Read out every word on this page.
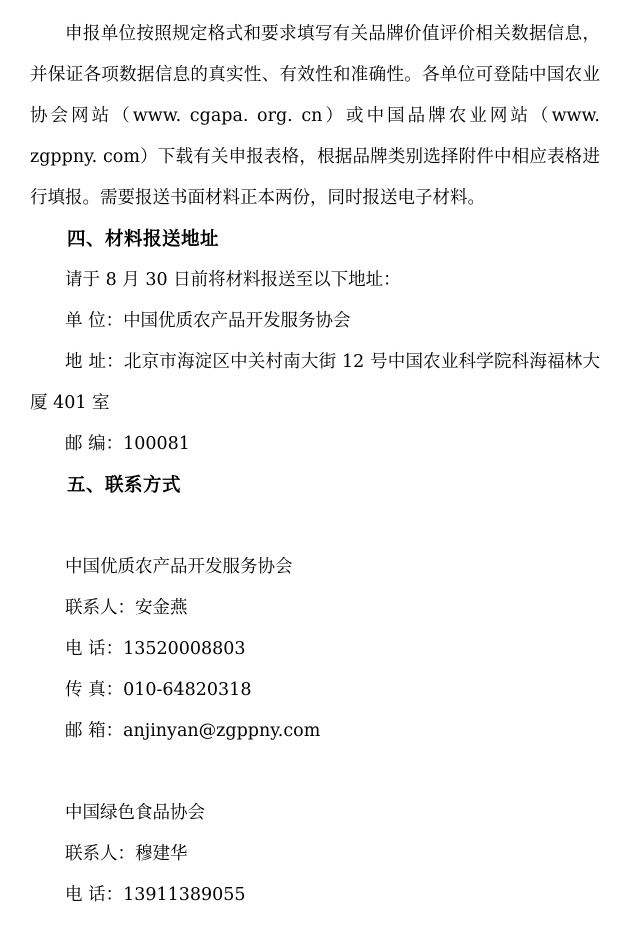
申报单位按照规定格式和要求填写有关品牌价值评价相关数据信息，并保证各项数据信息的真实性、有效性和准确性。各单位可登陆中国农业协会网站（www. cgapa. org. cn）或中国品牌农业网站（www. zgppny. com）下载有关申报表格，根据品牌类别选择附件中相应表格进行填报。需要报送书面材料正本两份，同时报送电子材料。

四、材料报送地址

请于 8 月 30 日前将材料报送至以下地址：

单 位：中国优质农产品开发服务协会

地 址：北京市海淀区中关村南大街 12 号中国农业科学院科海福林大厦 401 室

邮 编：100081

五、联系方式

中国优质农产品开发服务协会

联系人：安金燕

电 话：13520008803

传 真：010-64820318

邮 箱：anjinyan@zgppny.com

中国绿色食品协会

联系人：穆建华

电 话：13911389055
